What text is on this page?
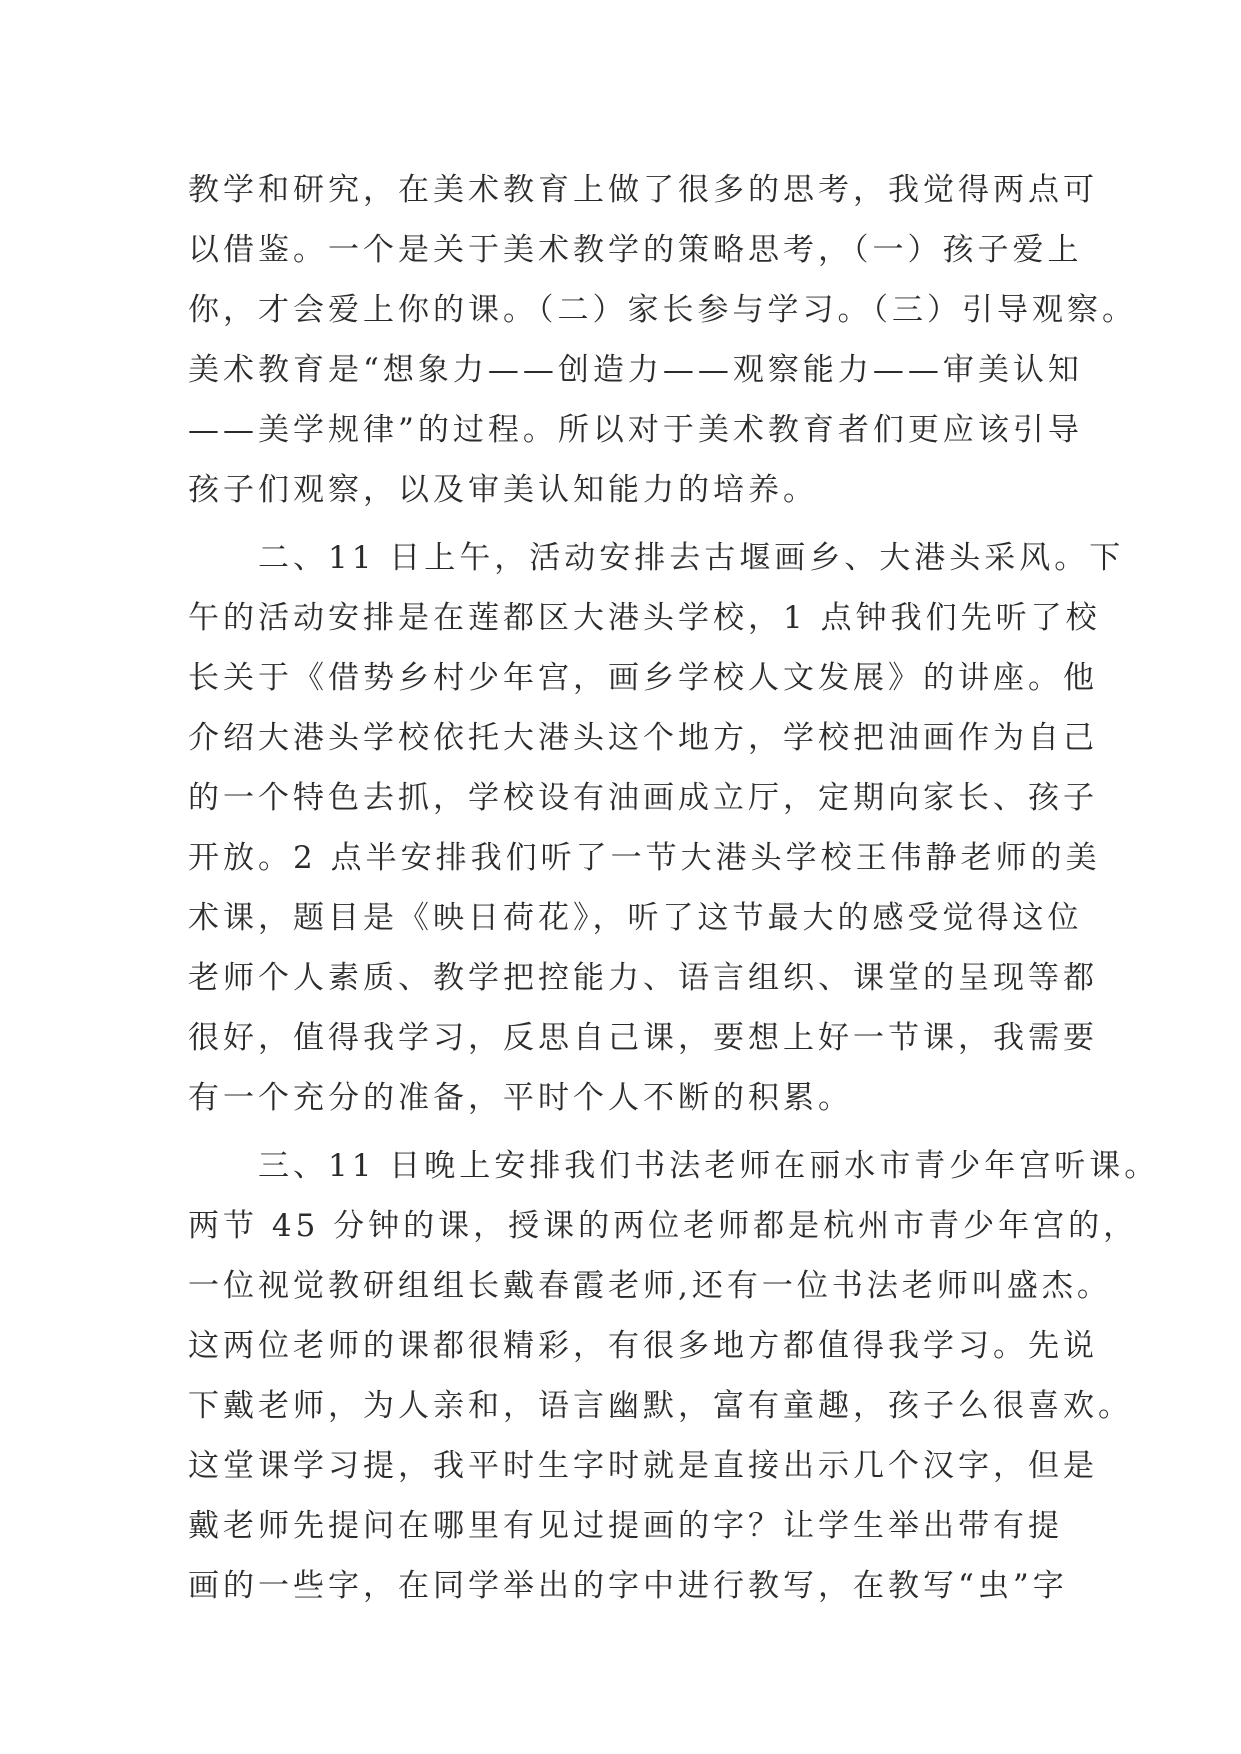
教学和研究，在美术教育上做了很多的思考，我觉得两点可
以借鉴。一个是关于美术教学的策略思考，（一）孩子爱上
你，才会爱上你的课。（二）家长参与学习。（三）引导观察。
美术教育是“想象力——创造力——观察能力——审美认知
——美学规律”的过程。所以对于美术教育者们更应该引导
孩子们观察，以及审美认知能力的培养。
　　二、11 日上午，活动安排去古堰画乡、大港头采风。下
午的活动安排是在莲都区大港头学校，1 点钟我们先听了校
长关于《借势乡村少年宫，画乡学校人文发展》的讲座。他
介绍大港头学校依托大港头这个地方，学校把油画作为自己
的一个特色去抓，学校设有油画成立厅，定期向家长、孩子
开放。2 点半安排我们听了一节大港头学校王伟静老师的美
术课，题目是《映日荷花》，听了这节最大的感受觉得这位
老师个人素质、教学把控能力、语言组织、课堂的呈现等都
很好，值得我学习，反思自己课，要想上好一节课，我需要
有一个充分的准备，平时个人不断的积累。
　　三、11 日晚上安排我们书法老师在丽水市青少年宫听课。
两节 45 分钟的课，授课的两位老师都是杭州市青少年宫的，
一位视觉教研组组长戴春霞老师,还有一位书法老师叫盛杰。
这两位老师的课都很精彩，有很多地方都值得我学习。先说
下戴老师，为人亲和，语言幽默，富有童趣，孩子么很喜欢。
这堂课学习提，我平时生字时就是直接出示几个汉字，但是
戴老师先提问在哪里有见过提画的字？让学生举出带有提
画的一些字，在同学举出的字中进行教写，在教写“虫”字
